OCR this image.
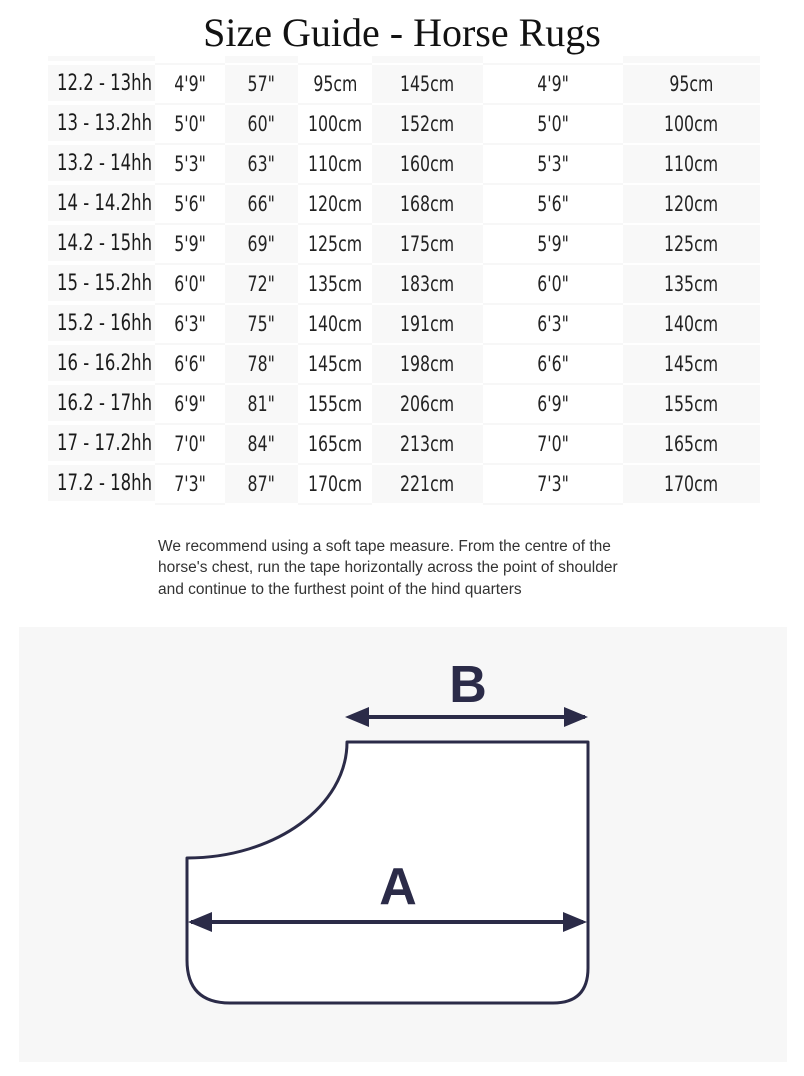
Size Guide - Horse Rugs
12.2 - 13hh 4'9" 57" 95cm 145cm	4'9"	95cm
13 - 13.2hh 5'0" 60" 100cm 152cm	5'0"	100cm
13.2 - 14hh 5'3" 63" 110cm 160cm	5'3"	110cm
14 - 14.2hh 5'6" 66" 120cm 168cm	5'6"	120cm
14.2 - 15hh 5'9" 69" 125cm 175cm	5'9"	125cm
15 - 15.2hh 6'0" 72" 135cm 183cm	6'0"	135cm
15.2 - 16hh 6'3" 75" 140cm 191cm	6'3"	140cm
16 - 16.2hh 6'6" 78" 145cm 198cm	6'6"	145cm
16.2 - 17hh 6'9" 81" 155cm 206cm	6'9"	155cm
17 - 17.2hh 7'0" 84" 165cm 213cm	7'0"	165cm
17.2 - 18hh 7'3" 87" 170cm 221cm	7'3"	170cm
We recommend using a soft tape measure. From the centre of the
horse's chest, run the tape horizontally across the point of shoulder
and continue to the furthest point of the hind quarters
B
A
